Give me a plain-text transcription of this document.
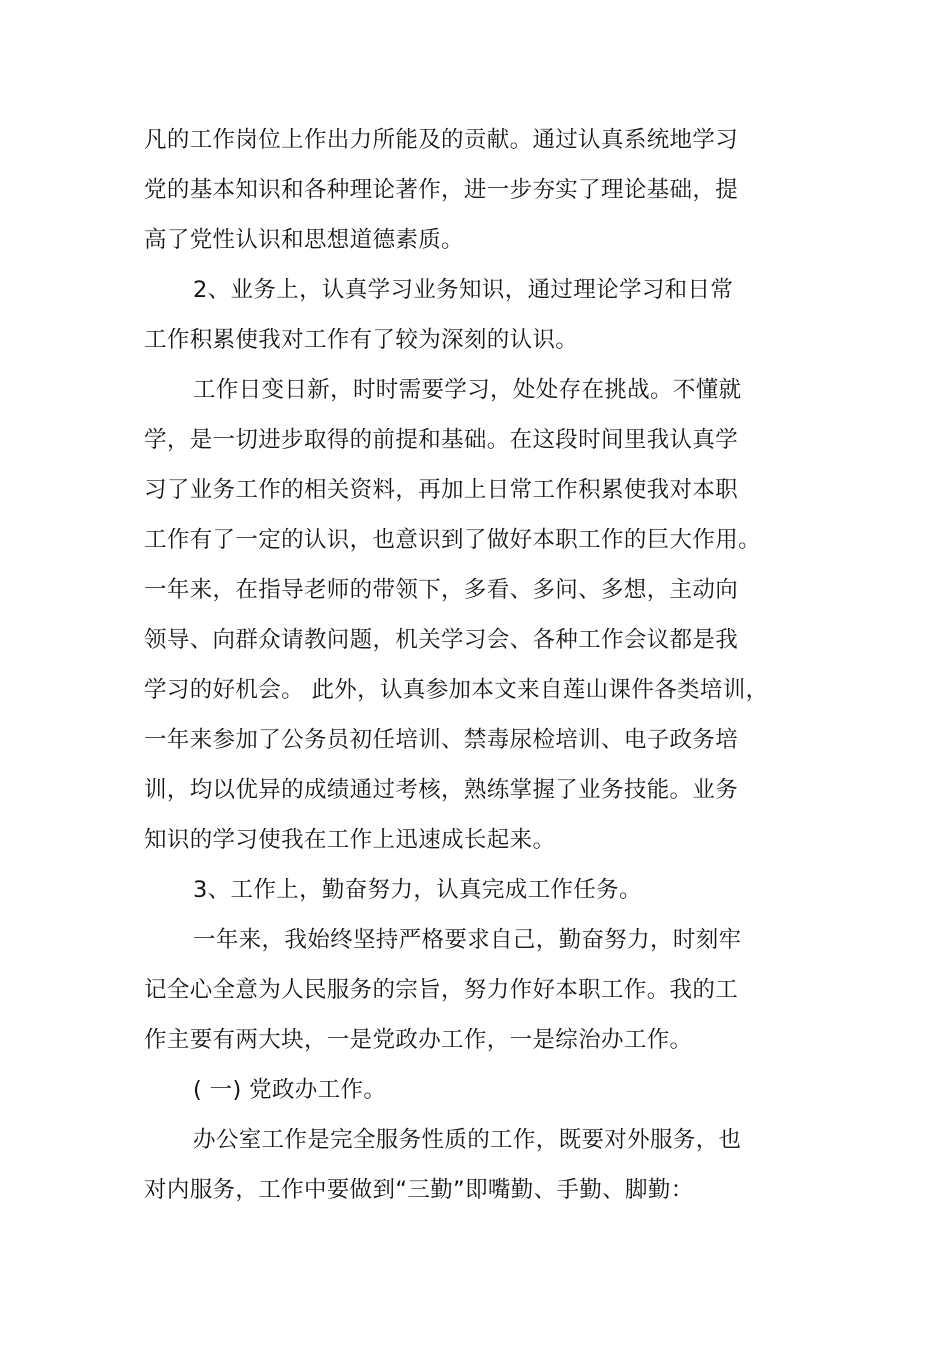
凡的工作岗位上作出力所能及的贡献。通过认真系统地学习
党的基本知识和各种理论著作，进一步夯实了理论基础，提
高了党性认识和思想道德素质。
2、业务上，认真学习业务知识，通过理论学习和日常
工作积累使我对工作有了较为深刻的认识。
工作日变日新，时时需要学习，处处存在挑战。不懂就
学，是一切进步取得的前提和基础。在这段时间里我认真学
习了业务工作的相关资料，再加上日常工作积累使我对本职
工作有了一定的认识，也意识到了做好本职工作的巨大作用。
一年来，在指导老师的带领下，多看、多问、多想，主动向
领导、向群众请教问题，机关学习会、各种工作会议都是我
学习的好机会。 此外，认真参加本文来自莲山课件各类培训，
一年来参加了公务员初任培训、禁毒尿检培训、电子政务培
训，均以优异的成绩通过考核，熟练掌握了业务技能。业务
知识的学习使我在工作上迅速成长起来。
3、工作上，勤奋努力，认真完成工作任务。
一年来，我始终坚持严格要求自己，勤奋努力，时刻牢
记全心全意为人民服务的宗旨，努力作好本职工作。我的工
作主要有两大块，一是党政办工作，一是综治办工作。
( 一) 党政办工作。
办公室工作是完全服务性质的工作，既要对外服务，也
对内服务，工作中要做到“三勤”即嘴勤、手勤、脚勤：
